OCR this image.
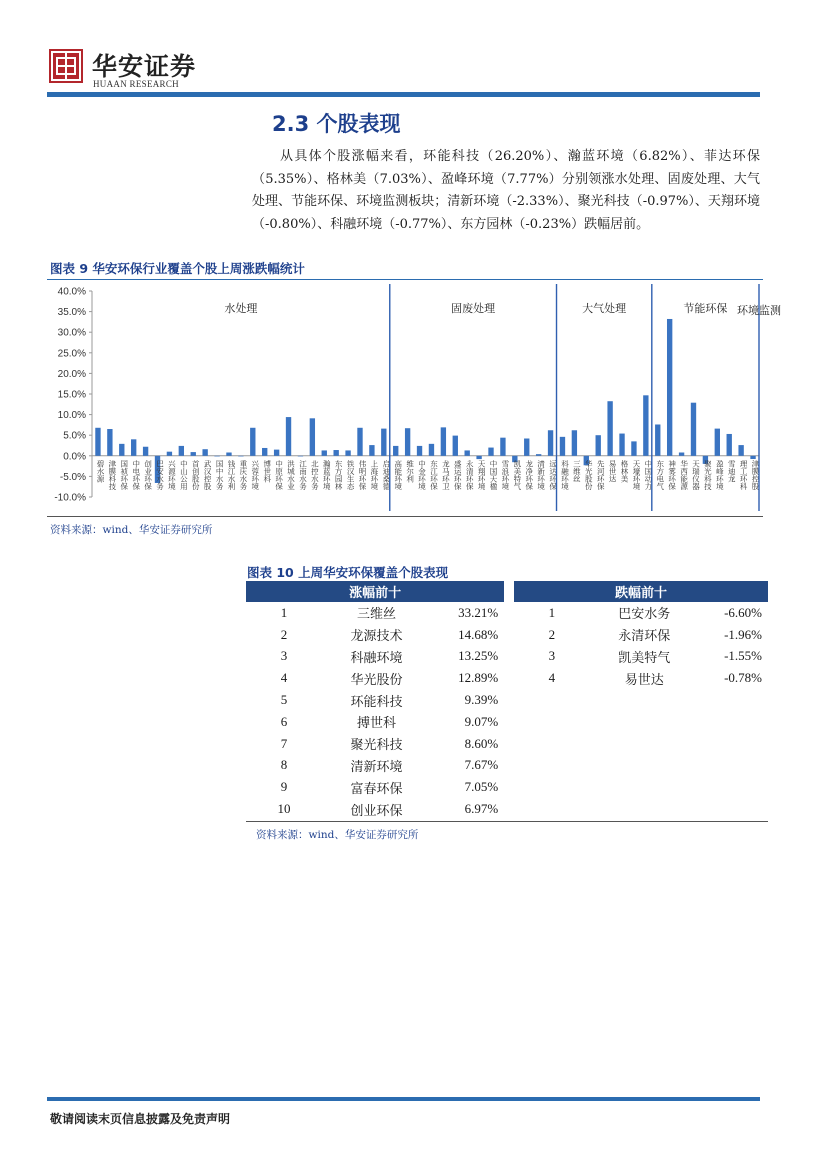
华安证券
HUAAN RESEARCH
2.3 个股表现
从具体个股涨幅来看，环能科技（26.20%）、瀚蓝环境（6.82%）、菲达环保（5.35%）、格林美（7.03%）、盈峰环境（7.77%）分别领涨水处理、固废处理、大气处理、节能环保、环境监测板块；清新环境（-2.33%）、聚光科技（-0.97%）、天翔环境（-0.80%）、科融环境（-0.77%）、东方园林（-0.23%）跌幅居前。
图表 9 华安环保行业覆盖个股上周涨跌幅统计
40.0%
35.0%
30.0%
25.0%
20.0%
15.0%
10.0%
5.0%
0.0%
-5.0%
-10.0%
碧水源 津膜科技 国祯环保 中电环保 创业环保 巴安水务 兴源环境 中山公用 首创股份 武汉控股 国中水务 钱江水利 重庆水务 兴蓉环境 博世科 中原环保 洪城水业 江南水务 北控水务 瀚蓝环境 东方园林 铁汉生态 伟明环保 上海环境 启迪桑德 高能环境 维尔利 中金环境 东江环保 龙马环卫 盛运环保 永清环保 天翔环境 中国天楹 雪浪环境 凯美特气 龙净环保 清新环境 远达环保 科融环境 三维丝 华光股份 先河环保 易世达 格林美 天壕环境 中国动力 东方电气 神雾环保 华西能源 天瑞仪器 聚光科技 盈峰环境 雪迪龙 理工环科 津膜控股
水处理	固废处理	大气处理	节能环保 环境监测
资料来源：wind、华安证券研究所
图表 10 上周华安环保覆盖个股表现
涨幅前十				跌幅前十		
1	三维丝	33.21%		1	巴安水务	-6.60%
2	龙源技术	14.68%		2	永清环保	-1.96%
3	科融环境	13.25%		3	凯美特气	-1.55%
4	华光股份	12.89%		4	易世达	-0.78%
5	环能科技	9.39%				
6	搏世科	9.07%				
7	聚光科技	8.60%				
8	清新环境	7.67%				
9	富春环保	7.05%				
10	创业环保	6.97%				
资料来源：wind、华安证券研究所
敬请阅读末页信息披露及免责声明
